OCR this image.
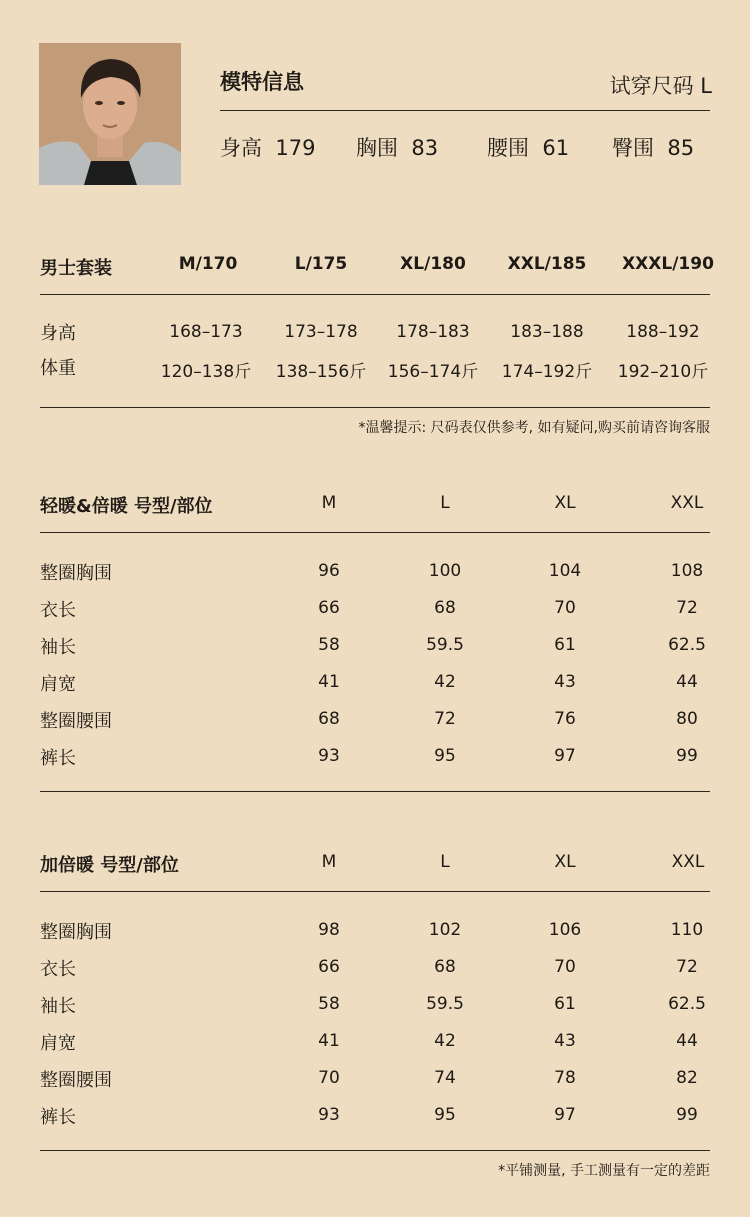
模特信息	试穿尺码 L
身高 179 胸围 83 腰围 61 臀围 85
男士套装	M/170	L/175	XL/180 XXL/185 XXXL/190
身高	168–173 173–178 178–183 183–188	188–192
体重	120–138斤 138–156斤 156–174斤 174–192斤 192–210斤
*温馨提示: 尺码表仅供参考, 如有疑问,购买前请咨询客服
轻暖&倍暖 号型/部位	M	L	XL	XXL
整圈胸围	96	100	104	108
衣长	66	68	70	72
袖长	58	59.5	61	62.5
肩宽	41	42	43	44
整圈腰围	68	72	76	80
裤长	93	95	97	99
加倍暖 号型/部位	M	L	XL	XXL
整圈胸围	98	102	106	110
衣长	66	68	70	72
袖长	58	59.5	61	62.5
肩宽	41	42	43	44
整圈腰围	70	74	78	82
裤长	93	95	97	99
*平铺测量, 手工测量有一定的差距
